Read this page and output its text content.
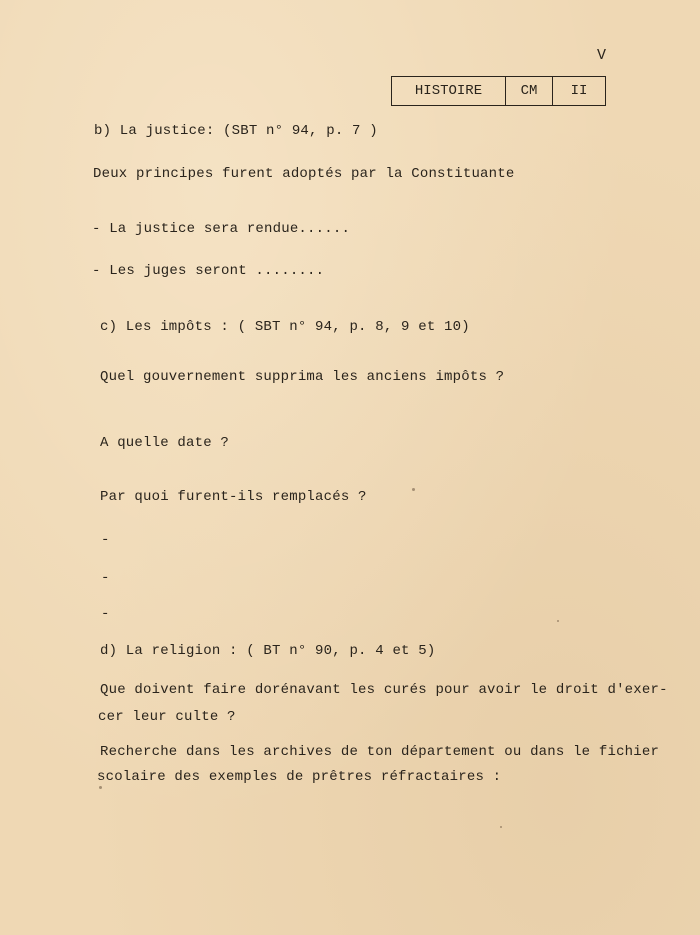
V
HISTOIRE	CM	II
b) La justice: (SBT n° 94, p. 7 )
Deux principes furent adoptés par la Constituante
- La justice sera rendue......
- Les juges seront ........
c) Les impôts : ( SBT n° 94, p. 8, 9 et 10)
Quel gouvernement supprima les anciens impôts ?
A quelle date ?
Par quoi furent-ils remplacés ?
-
-
-
d) La religion : ( BT n° 90, p. 4 et 5)
Que doivent faire dorénavant les curés pour avoir le droit d'exer-
cer leur culte ?
Recherche dans les archives de ton département ou dans le fichier
scolaire des exemples de prêtres réfractaires :
